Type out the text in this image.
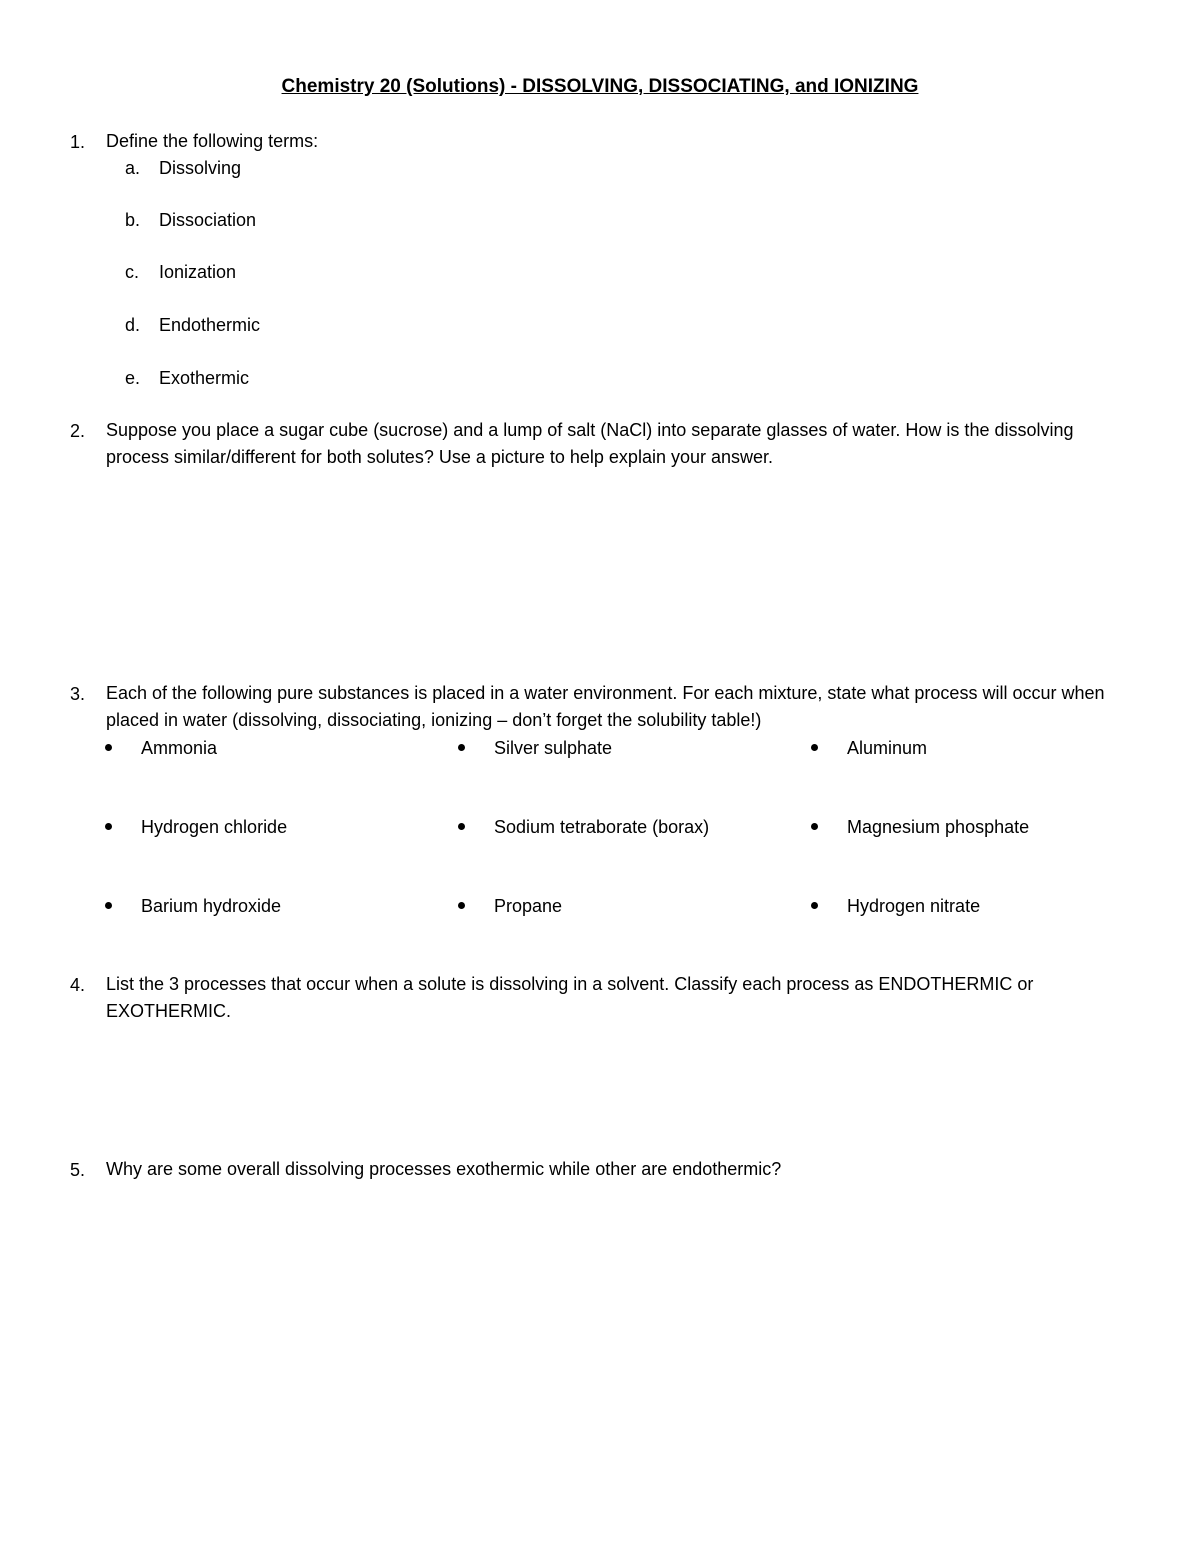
Chemistry 20 (Solutions) - DISSOLVING, DISSOCIATING, and IONIZING
1.	Define the following terms:
a.	Dissolving
b.	Dissociation
c.	Ionization
d.	Endothermic
e.	Exothermic
2.	Suppose you place a sugar cube (sucrose) and a lump of salt (NaCl) into separate glasses of water. How is the dissolving process similar/different for both solutes? Use a picture to help explain your answer.
3.	Each of the following pure substances is placed in a water environment. For each mixture, state what process will occur when placed in water (dissolving, dissociating, ionizing – don’t forget the solubility table!)
Ammonia	Silver sulphate	Aluminum
Hydrogen chloride	Sodium tetraborate (borax)	Magnesium phosphate
Barium hydroxide	Propane	Hydrogen nitrate
4.	List the 3 processes that occur when a solute is dissolving in a solvent. Classify each process as ENDOTHERMIC or EXOTHERMIC.
5.	Why are some overall dissolving processes exothermic while other are endothermic?
